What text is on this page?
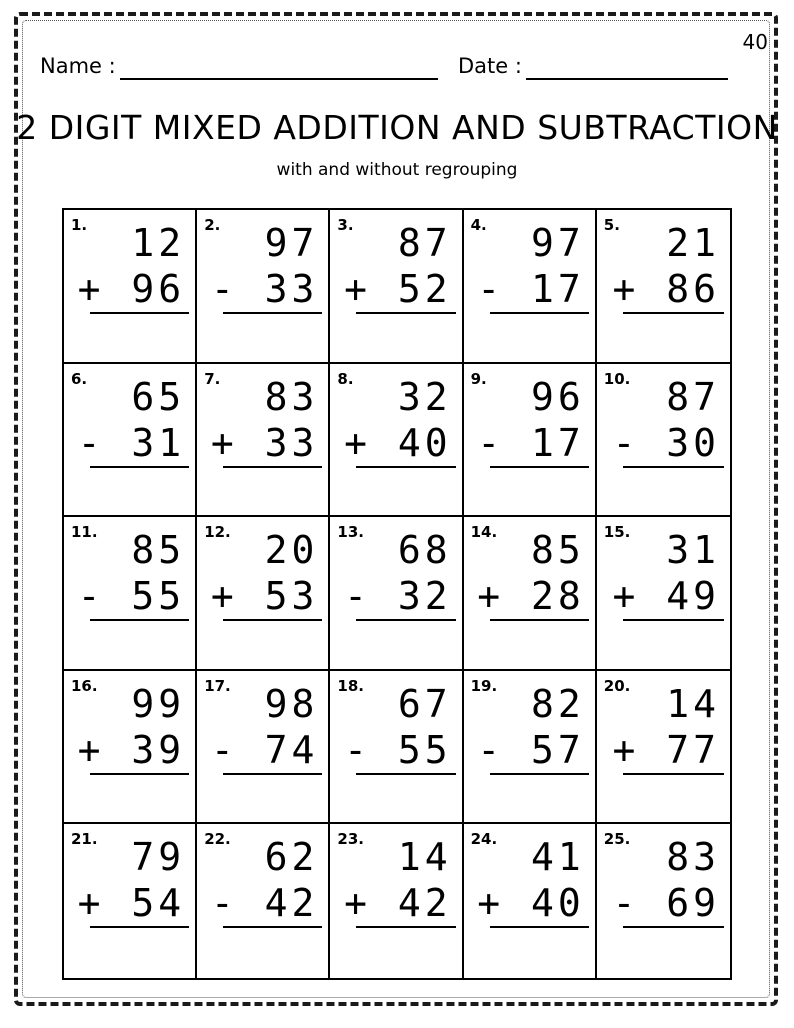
40
Name :	Date :
2 DIGIT MIXED ADDITION AND SUBTRACTION
with and without regrouping
1. 12
+ 96
2. 97
- 33
3. 87
+ 52
4. 97
- 17
5. 21
+ 86
6. 65
- 31
7. 83
+ 33
8. 32
+ 40
9. 96
- 17
10. 87
- 30
11. 85
- 55
12. 20
+ 53
13. 68
- 32
14. 85
+ 28
15. 31
+ 49
16. 99
+ 39
17. 98
- 74
18. 67
- 55
19. 82
- 57
20. 14
+ 77
21. 79
+ 54
22. 62
- 42
23. 14
+ 42
24. 41
+ 40
25. 83
- 69
